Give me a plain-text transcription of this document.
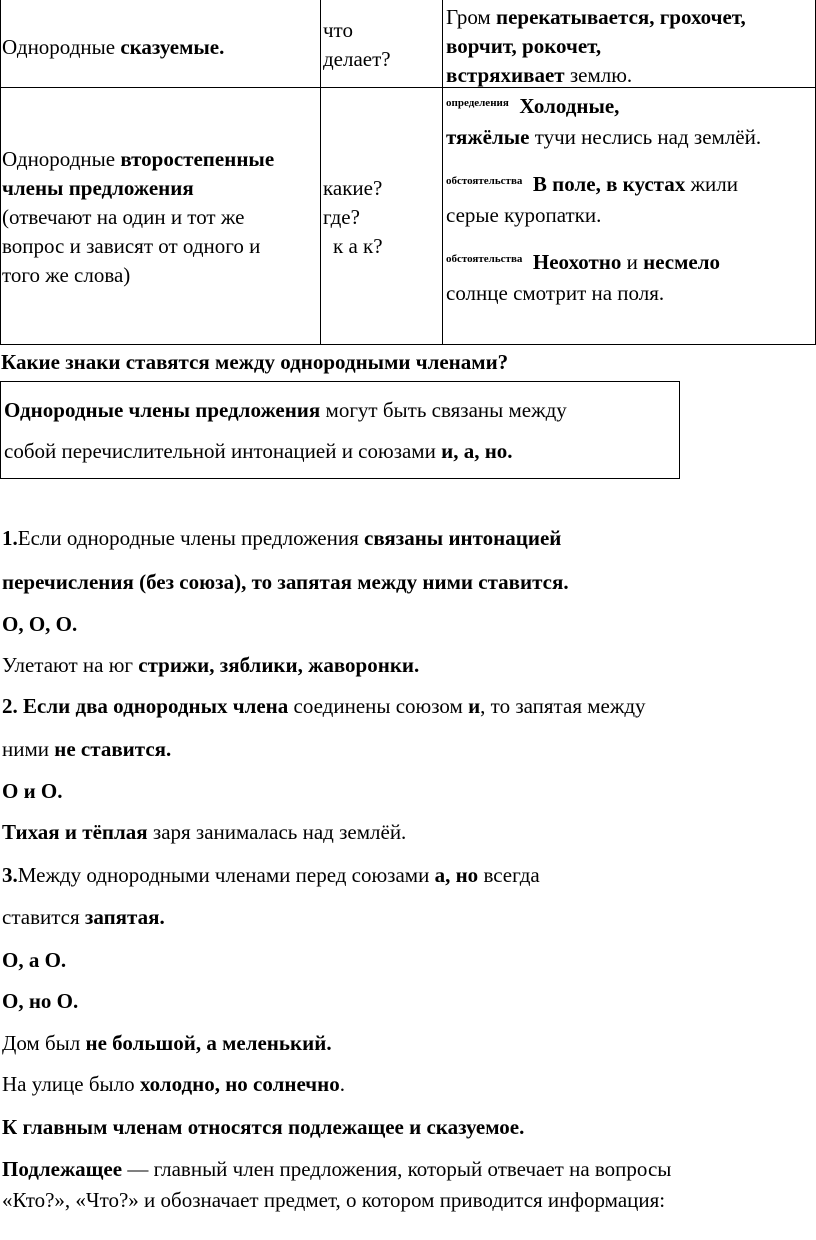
Однородные сказуемые.
что
делает?
Гром перекатывается, грохочет,
ворчит, рокочет,
встряхивает землю.
Однородные второстепенные
члены предложения
(отвечают на один и тот же
вопрос и зависят от одного и
того же слова)
какие?
где?
к а к?
$^{определения}$ Холодные,
тяжёлые тучи неслись над землёй.
$^{обстоятельства}$ В поле, в кустах жили
серые куропатки.
$^{обстоятельства}$ Неохотно и несмело
солнце смотрит на поля.
Какие знаки ставятся между однородными членами?
Однородные члены предложения могут быть связаны между
собой перечислительной интонацией и союзами и, а, но.
1.Если однородные члены предложения связаны интонацией
перечисления (без союза), то запятая между ними ставится.
О, О, О.
Улетают на юг стрижи, зяблики, жаворонки.
2. Если два однородных члена соединены союзом и, то запятая между
ними не ставится.
О и О.
Тихая и тёплая заря занималась над землёй.
3.Между однородными членами перед союзами а, но всегда
ставится запятая.
О, а О.
О, но О.
Дом был не большой, а меленький.
На улице было холодно, но солнечно.
К главным членам относятся подлежащее и сказуемое.
Подлежащее — главный член предложения, который отвечает на вопросы
«Кто?», «Что?» и обозначает предмет, о котором приводится информация:
